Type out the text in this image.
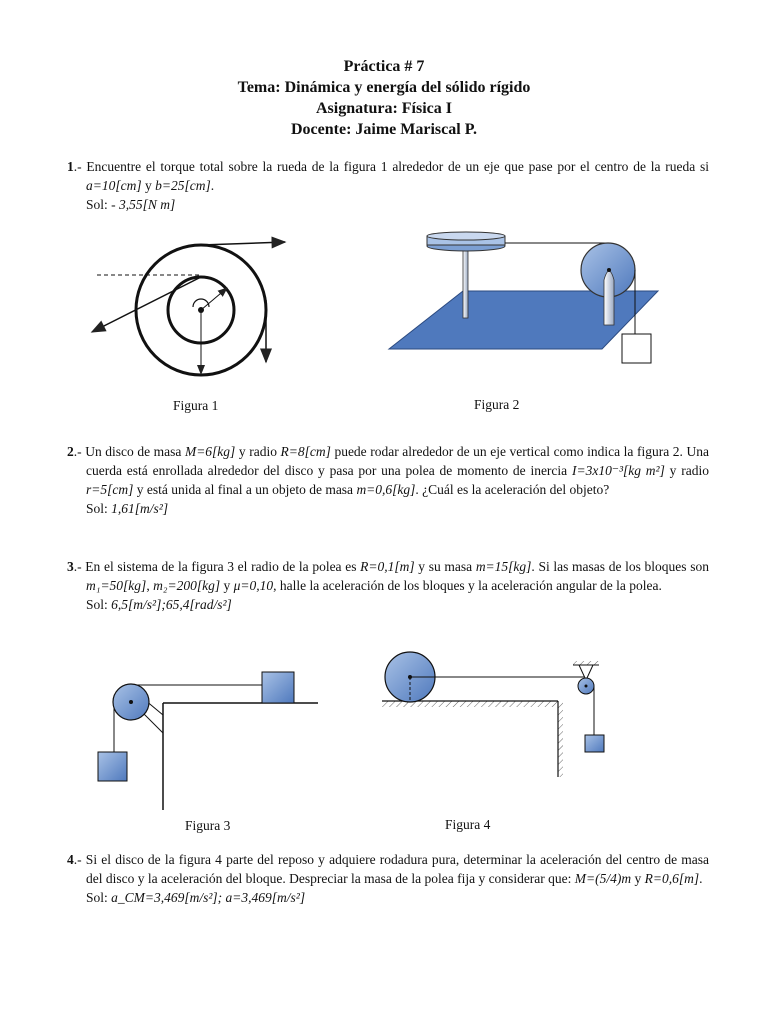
Práctica # 7
Tema: Dinámica y energía del sólido rígido
Asignatura: Física I
Docente: Jaime Mariscal P.
1.- Encuentre el torque total sobre la rueda de la figura 1 alrededor de un eje que pase por el centro de la rueda si a=10[cm] y b=25[cm].
Sol: - 3,55[N m]
2.- Un disco de masa M=6[kg] y radio R=8[cm] puede rodar alrededor de un eje vertical como indica la figura 2. Una cuerda está enrollada alrededor del disco y pasa por una polea de momento de inercia I=3x10⁻³[kg m²] y radio r=5[cm] y está unida al final a un objeto de masa m=0,6[kg]. ¿Cuál es la aceleración del objeto?
Sol: 1,61[m/s²]
3.- En el sistema de la figura 3 el radio de la polea es R=0,1[m] y su masa m=15[kg]. Si las masas de los bloques son m₁=50[kg], m₂=200[kg] y μ=0,10, halle la aceleración de los bloques y la aceleración angular de la polea.
Sol: 6,5[m/s²];65,4[rad/s²]
4.- Si el disco de la figura 4 parte del reposo y adquiere rodadura pura, determinar la aceleración del centro de masa del disco y la aceleración del bloque. Despreciar la masa de la polea fija y considerar que: M=(5/4)m y R=0,6[m].
Sol: a_CM=3,469[m/s²]; a=3,469[m/s²]
Figura 1	Figura 2
Figura 3	Figura 4
